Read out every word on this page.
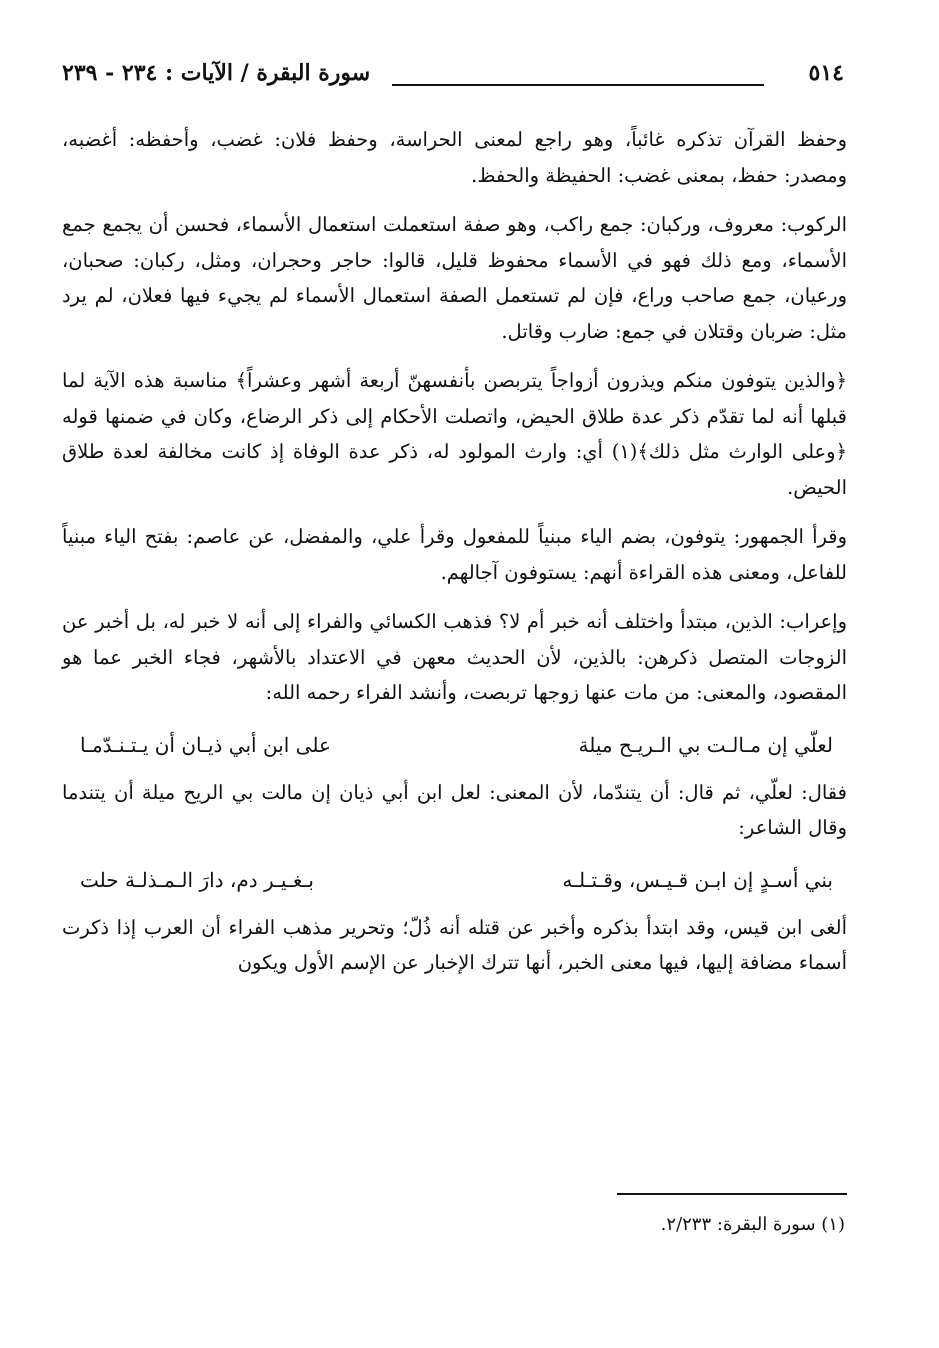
٥١٤
سورة البقرة / الآيات : ٢٣٤ - ٢٣٩

وحفظ القرآن تذكره غائباً، وهو راجع لمعنى الحراسة، وحفظ فلان: غضب، وأحفظه: أغضبه، ومصدر: حفظ، بمعنى غضب: الحفيظة والحفظ.

الركوب: معروف، وركبان: جمع راكب، وهو صفة استعملت استعمال الأسماء، فحسن أن يجمع جمع الأسماء، ومع ذلك فهو في الأسماء محفوظ قليل، قالوا: حاجر وحجران، ومثل، ركبان: صحبان، ورعيان، جمع صاحب وراع، فإن لم تستعمل الصفة استعمال الأسماء لم يجيء فيها فعلان، لم يرد مثل: ضربان وقتلان في جمع: ضارب وقاتل.

﴿والذين يتوفون منكم ويذرون أزواجاً يتربصن بأنفسهنّ أربعة أشهر وعشراً﴾ مناسبة هذه الآية لما قبلها أنه لما تقدّم ذكر عدة طلاق الحيض، واتصلت الأحكام إلى ذكر الرضاع، وكان في ضمنها قوله ﴿وعلى الوارث مثل ذلك﴾(١) أي: وارث المولود له، ذكر عدة الوفاة إذ كانت مخالفة لعدة طلاق الحيض.

وقرأ الجمهور: يتوفون، بضم الياء مبنياً للمفعول وقرأ علي، والمفضل، عن عاصم: بفتح الياء مبنياً للفاعل، ومعنى هذه القراءة أنهم: يستوفون آجالهم.

وإعراب: الذين، مبتدأ واختلف أنه خبر أم لا؟ فذهب الكسائي والفراء إلى أنه لا خبر له، بل أخبر عن الزوجات المتصل ذكرهن: بالذين، لأن الحديث معهن في الاعتداد بالأشهر، فجاء الخبر عما هو المقصود، والمعنى: من مات عنها زوجها تربصت، وأنشد الفراء رحمه الله:

لعلّي إن مـالـت بي الـريـح ميلة
على ابن أبي ذيـان أن يـتـنـدّمـا

فقال: لعلّي، ثم قال: أن يتندّما، لأن المعنى: لعل ابن أبي ذيان إن مالت بي الريح ميلة أن يتندما وقال الشاعر:

بني أسـدٍ إن ابـن قـيـس، وقـتـلـه
بـغـيـر دم، دارَ الـمـذلـة حلت

ألغى ابن قيس، وقد ابتدأ بذكره وأخبر عن قتله أنه ذُلّ؛ وتحرير مذهب الفراء أن العرب إذا ذكرت أسماء مضافة إليها، فيها معنى الخبر، أنها تترك الإخبار عن الإسم الأول ويكون

(١) سورة البقرة: ٢/٢٣٣.
